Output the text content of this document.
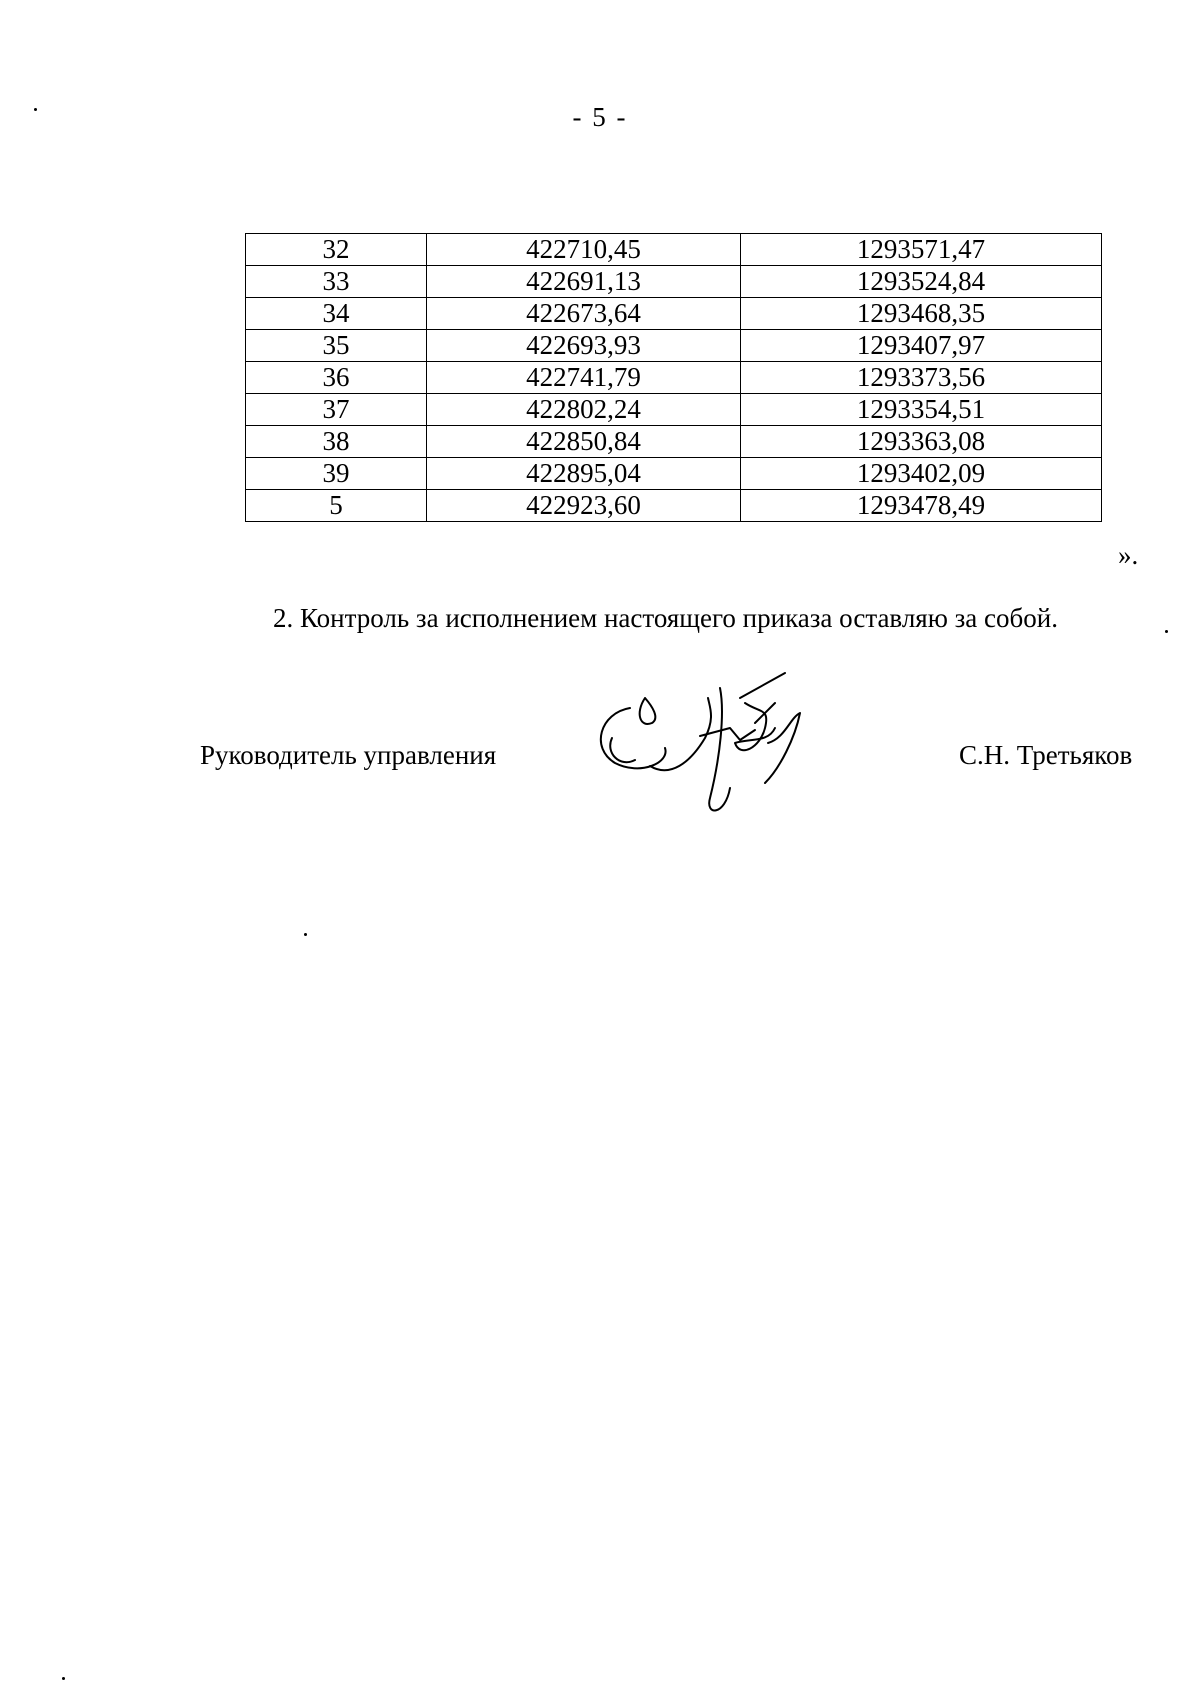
- 5 -
32	422710,45	1293571,47
33	422691,13	1293524,84
34	422673,64	1293468,35
35	422693,93	1293407,97
36	422741,79	1293373,56
37	422802,24	1293354,51
38	422850,84	1293363,08
39	422895,04	1293402,09
5	422923,60	1293478,49
».
2. Контроль за исполнением настоящего приказа оставляю за собой.
Руководитель управления	С.Н. Третьяков
